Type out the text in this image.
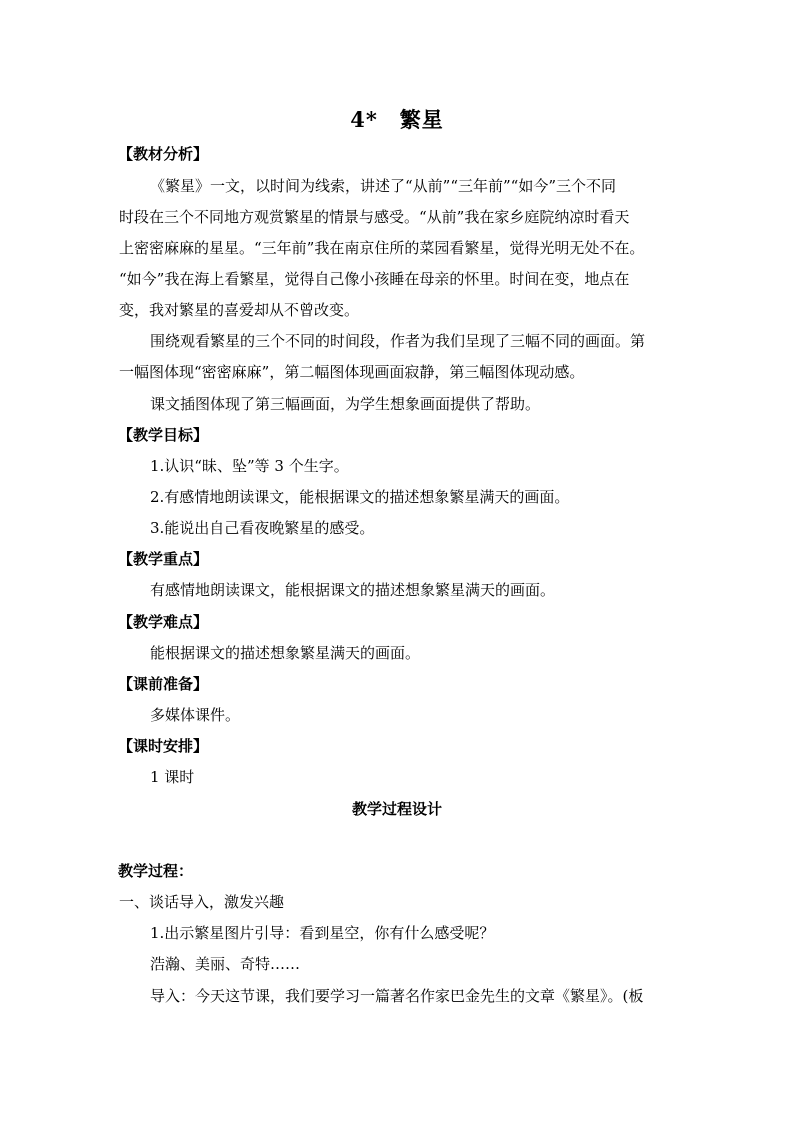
4*　繁星
【教材分析】
《繁星》一文，以时间为线索，讲述了“从前”“三年前”“如今”三个不同
时段在三个不同地方观赏繁星的情景与感受。“从前”我在家乡庭院纳凉时看天
上密密麻麻的星星。“三年前”我在南京住所的菜园看繁星，觉得光明无处不在。
“如今”我在海上看繁星，觉得自己像小孩睡在母亲的怀里。时间在变，地点在
变，我对繁星的喜爱却从不曾改变。
围绕观看繁星的三个不同的时间段，作者为我们呈现了三幅不同的画面。第
一幅图体现“密密麻麻”，第二幅图体现画面寂静，第三幅图体现动感。
课文插图体现了第三幅画面，为学生想象画面提供了帮助。
【教学目标】
1.认识“昧、坠”等 3 个生字。
2.有感情地朗读课文，能根据课文的描述想象繁星满天的画面。
3.能说出自己看夜晚繁星的感受。
【教学重点】
有感情地朗读课文，能根据课文的描述想象繁星满天的画面。
【教学难点】
能根据课文的描述想象繁星满天的画面。
【课前准备】
多媒体课件。
【课时安排】
1 课时
教学过程设计
教学过程：
一、谈话导入，激发兴趣
1.出示繁星图片引导：看到星空，你有什么感受呢？
浩瀚、美丽、奇特……
导入：今天这节课，我们要学习一篇著名作家巴金先生的文章《繁星》。(板
